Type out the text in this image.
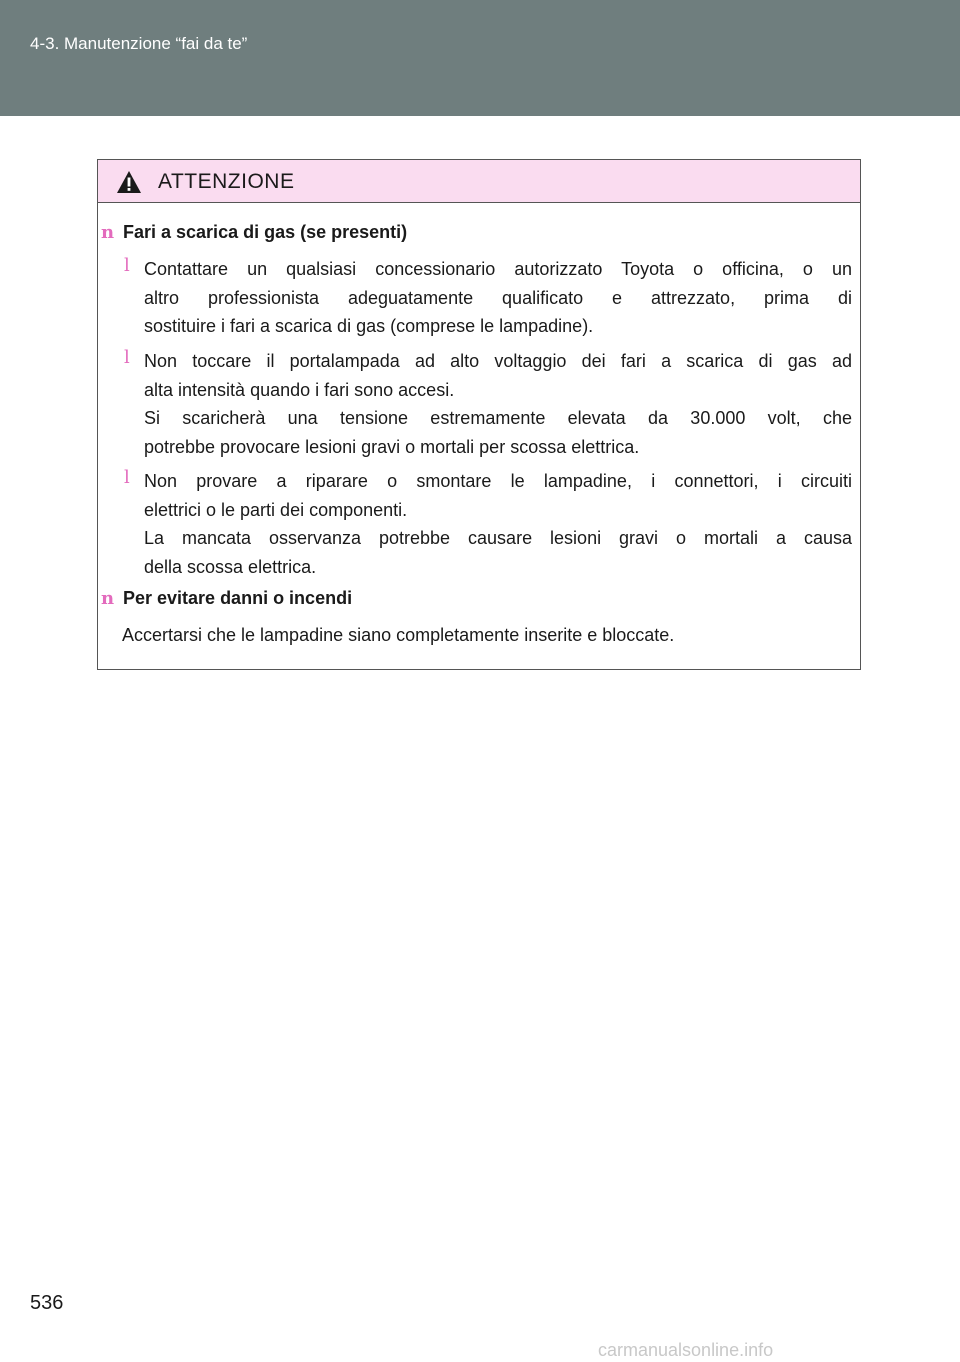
4-3. Manutenzione “fai da te”
ATTENZIONE
n Fari a scarica di gas (se presenti)
l Contattare un qualsiasi concessionario autorizzato Toyota o officina, o un
altro professionista adeguatamente qualificato e attrezzato, prima di
sostituire i fari a scarica di gas (comprese le lampadine).
l Non toccare il portalampada ad alto voltaggio dei fari a scarica di gas ad
alta intensità quando i fari sono accesi.
Si scaricherà una tensione estremamente elevata da 30.000 volt, che
potrebbe provocare lesioni gravi o mortali per scossa elettrica.
l Non provare a riparare o smontare le lampadine, i connettori, i circuiti
elettrici o le parti dei componenti.
La mancata osservanza potrebbe causare lesioni gravi o mortali a causa
della scossa elettrica.
n Per evitare danni o incendi
Accertarsi che le lampadine siano completamente inserite e bloccate.
536
carmanualsonline.info
